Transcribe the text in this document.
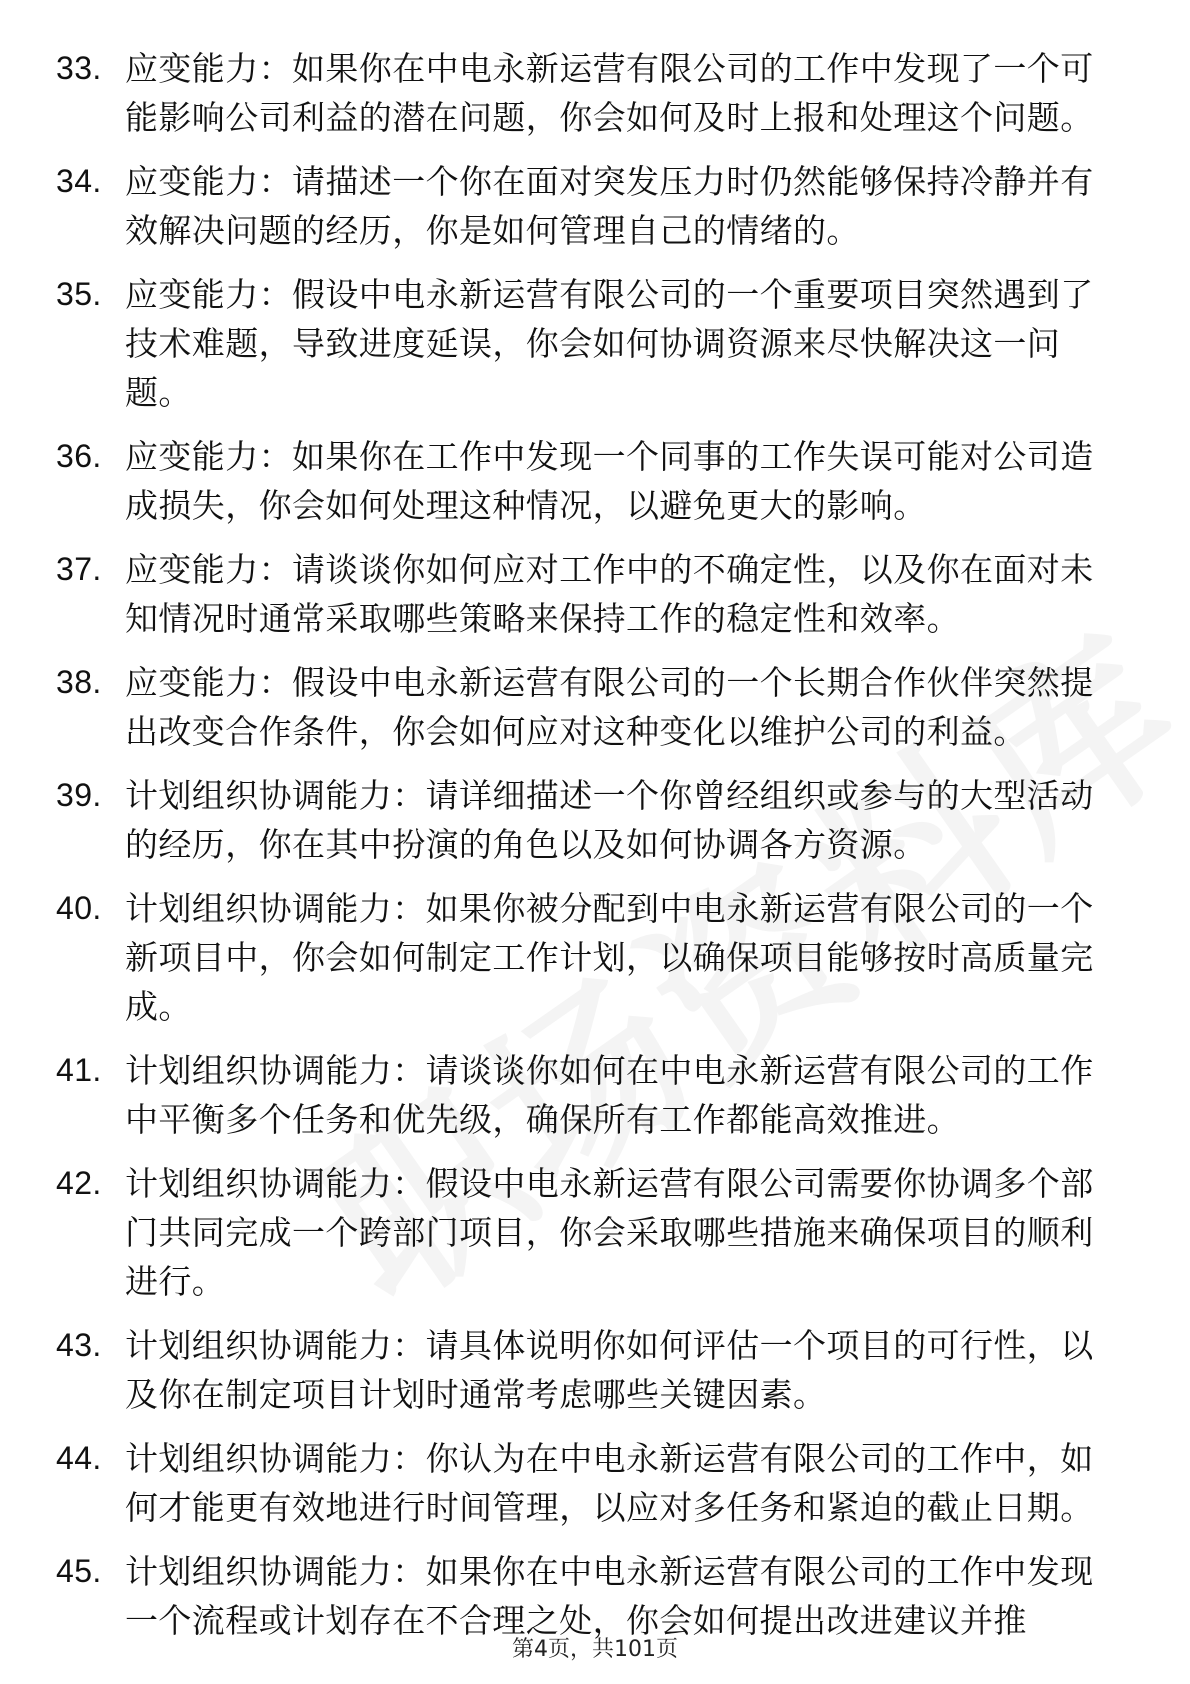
33. 应变能力：如果你在中电永新运营有限公司的工作中发现了一个可能影响公司利益的潜在问题，你会如何及时上报和处理这个问题。
34. 应变能力：请描述一个你在面对突发压力时仍然能够保持冷静并有效解决问题的经历，你是如何管理自己的情绪的。
35. 应变能力：假设中电永新运营有限公司的一个重要项目突然遇到了技术难题，导致进度延误，你会如何协调资源来尽快解决这一问题。
36. 应变能力：如果你在工作中发现一个同事的工作失误可能对公司造成损失，你会如何处理这种情况，以避免更大的影响。
37. 应变能力：请谈谈你如何应对工作中的不确定性，以及你在面对未知情况时通常采取哪些策略来保持工作的稳定性和效率。
38. 应变能力：假设中电永新运营有限公司的一个长期合作伙伴突然提出改变合作条件，你会如何应对这种变化以维护公司的利益。
39. 计划组织协调能力：请详细描述一个你曾经组织或参与的大型活动的经历，你在其中扮演的角色以及如何协调各方资源。
40. 计划组织协调能力：如果你被分配到中电永新运营有限公司的一个新项目中，你会如何制定工作计划，以确保项目能够按时高质量完成。
41. 计划组织协调能力：请谈谈你如何在中电永新运营有限公司的工作中平衡多个任务和优先级，确保所有工作都能高效推进。
42. 计划组织协调能力：假设中电永新运营有限公司需要你协调多个部门共同完成一个跨部门项目，你会采取哪些措施来确保项目的顺利进行。
43. 计划组织协调能力：请具体说明你如何评估一个项目的可行性，以及你在制定项目计划时通常考虑哪些关键因素。
44. 计划组织协调能力：你认为在中电永新运营有限公司的工作中，如何才能更有效地进行时间管理，以应对多任务和紧迫的截止日期。
45. 计划组织协调能力：如果你在中电永新运营有限公司的工作中发现一个流程或计划存在不合理之处，你会如何提出改进建议并推
第4页，共101页
